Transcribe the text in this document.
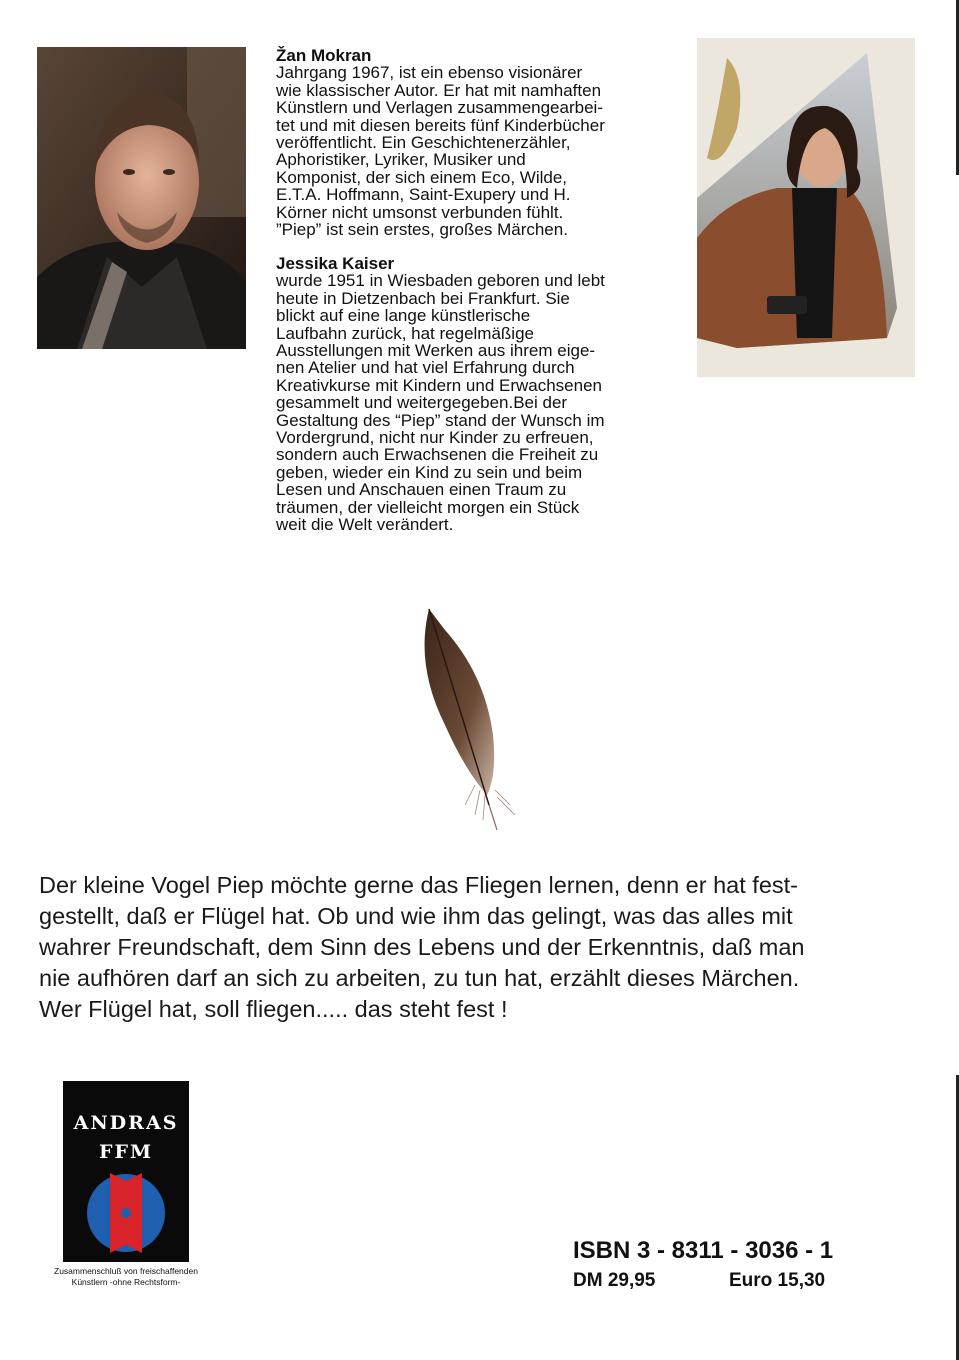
Žan Mokran
Jahrgang 1967, ist ein ebenso visionärer
wie klassischer Autor. Er hat mit namhaften
Künstlern und Verlagen zusammengearbei-
tet und mit diesen bereits fünf Kinderbücher
veröffentlicht. Ein Geschichtenerzähler,
Aphoristiker, Lyriker, Musiker und
Komponist, der sich einem Eco, Wilde,
E.T.A. Hoffmann, Saint-Exupery und H.
Körner nicht umsonst verbunden fühlt.
”Piep” ist sein erstes, großes Märchen.
Jessika Kaiser
wurde 1951 in Wiesbaden geboren und lebt
heute in Dietzenbach bei Frankfurt. Sie
blickt auf eine lange künstlerische
Laufbahn zurück, hat regelmäßige
Ausstellungen mit Werken aus ihrem eige-
nen Atelier und hat viel Erfahrung durch
Kreativkurse mit Kindern und Erwachsenen
gesammelt und weitergegeben.Bei der
Gestaltung des “Piep” stand der Wunsch im
Vordergrund, nicht nur Kinder zu erfreuen,
sondern auch Erwachsenen die Freiheit zu
geben, wieder ein Kind zu sein und beim
Lesen und Anschauen einen Traum zu
träumen, der vielleicht morgen ein Stück
weit die Welt verändert.
Der kleine Vogel Piep möchte gerne das Fliegen lernen, denn er hat fest-
gestellt, daß er Flügel hat. Ob und wie ihm das gelingt, was das alles mit
wahrer Freundschaft, dem Sinn des Lebens und der Erkenntnis, daß man
nie aufhören darf an sich zu arbeiten, zu tun hat, erzählt dieses Märchen.
Wer Flügel hat, soll fliegen..... das steht fest !
ANDRAS
FFM
Zusammenschluß von freischaffenden
Künstlern -ohne Rechtsform-
ISBN 3 - 8311 - 3036 - 1
DM 29,95	Euro 15,30
